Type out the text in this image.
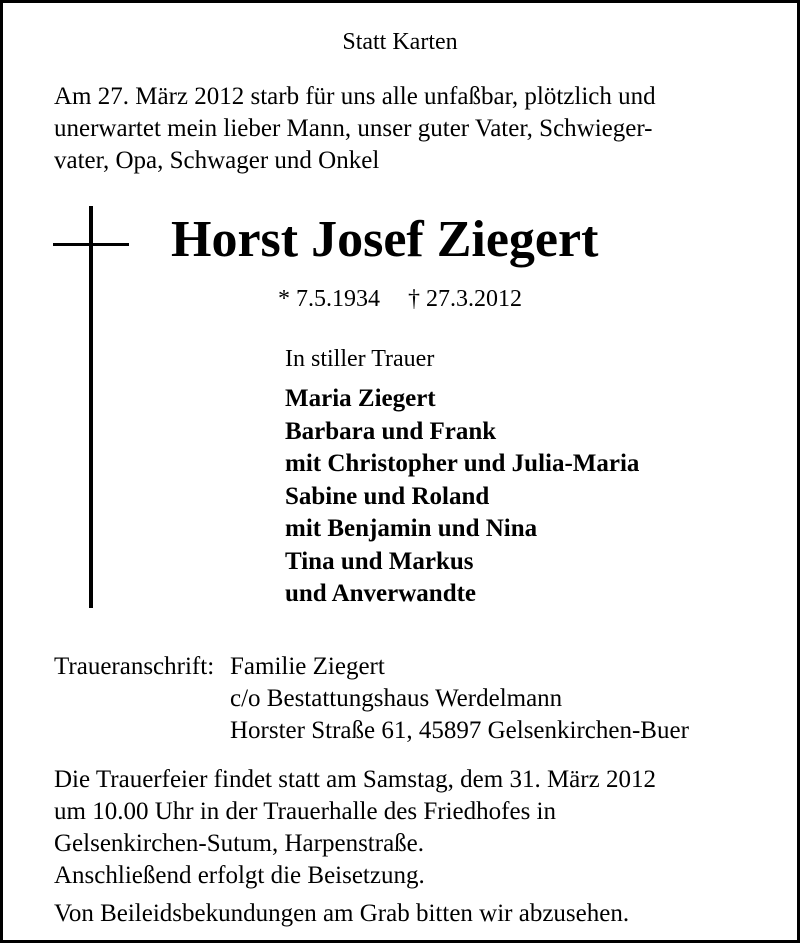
Statt Karten
Am 27. März 2012 starb für uns alle unfaßbar, plötzlich und
unerwartet mein lieber Mann, unser guter Vater, Schwieger-
vater, Opa, Schwager und Onkel
Horst Josef Ziegert
* 7.5.1934 † 27.3.2012
In stiller Trauer
Maria Ziegert
Barbara und Frank
mit Christopher und Julia-Maria
Sabine und Roland
mit Benjamin und Nina
Tina und Markus
und Anverwandte
Traueranschrift: Familie Ziegert
c/o Bestattungshaus Werdelmann
Horster Straße 61, 45897 Gelsenkirchen-Buer
Die Trauerfeier findet statt am Samstag, dem 31. März 2012
um 10.00 Uhr in der Trauerhalle des Friedhofes in
Gelsenkirchen-Sutum, Harpenstraße.
Anschließend erfolgt die Beisetzung.
Von Beileidsbekundungen am Grab bitten wir abzusehen.
